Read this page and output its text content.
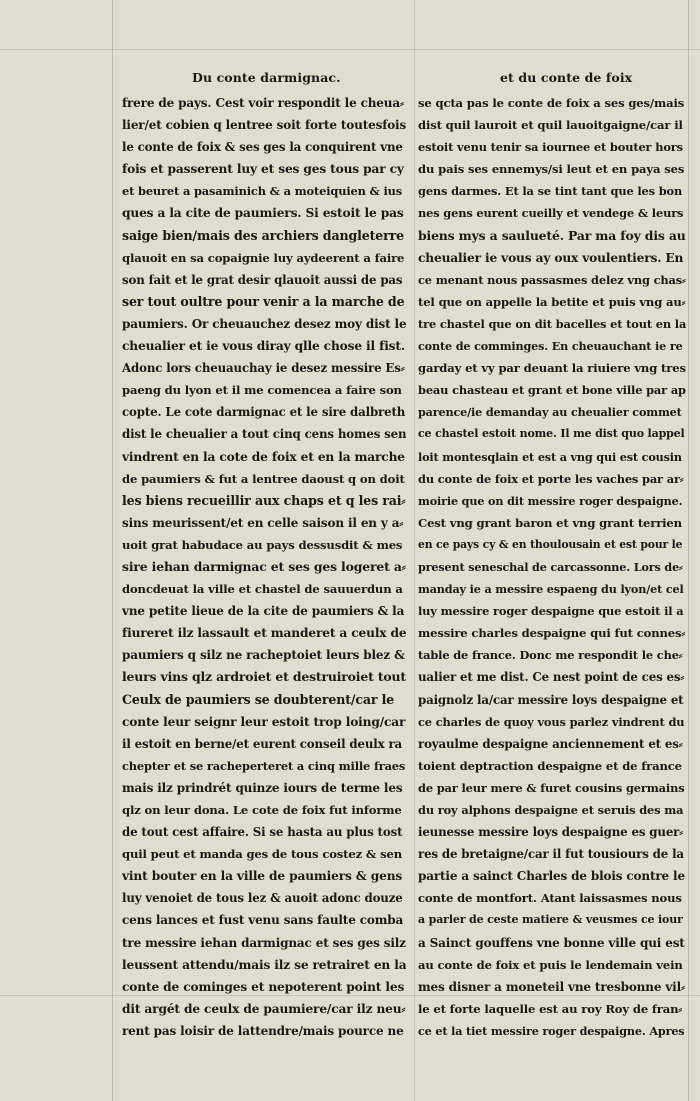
Du conte darmignac.	et du conte de foix
frere de pays. Cest voir respondit le cheua⸗
lier/et cobien q lentree soit forte toutesfois
le conte de foix & ses ges la conquirent vne
fois et passerent luy et ses ges tous par cy
et beuret a pasaminich & a moteiquien & ius
ques a la cite de paumiers. Si estoit le pas
saige bien/mais des archiers dangleterre
qlauoit en sa copaignie luy aydeerent a faire
son fait et le grat desir qlauoit aussi de pas
ser tout oultre pour venir a la marche de
paumiers. Or cheuauchez desez moy dist le
cheualier et ie vous diray qlle chose il fist.
Adonc lors cheuauchay ie desez messire Es⸗
paeng du lyon et il me comencea a faire son
copte. Le cote darmignac et le sire dalbreth
dist le cheualier a tout cinq cens homes sen
vindrent en la cote de foix et en la marche
de paumiers & fut a lentree daoust q on doit
les biens recueillir aux chaps et q les rai⸗
sins meurissent/et en celle saison il en y a⸗
uoit grat habudace au pays dessusdit & mes
sire iehan darmignac et ses ges logeret a⸗
doncdeuat la ville et chastel de sauuerdun a
vne petite lieue de la cite de paumiers & la
fiureret ilz lassault et manderet a ceulx de
paumiers q silz ne racheptoiet leurs blez &
leurs vins qlz ardroiet et destruiroiet tout
Ceulx de paumiers se doubterent/car le
conte leur seignr leur estoit trop loing/car
il estoit en berne/et eurent conseil deulx ra
chepter et se racheperteret a cinq mille fraes
mais ilz prindrét quinze iours de terme les
qlz on leur dona. Le cote de foix fut informe
de tout cest affaire. Si se hasta au plus tost
quil peut et manda ges de tous costez & sen
vint bouter en la ville de paumiers & gens
luy venoiet de tous lez & auoit adonc douze
cens lances et fust venu sans faulte comba
tre messire iehan darmignac et ses ges silz
leussent attendu/mais ilz se retrairet en la
conte de cominges et nepoterent point les
dit argét de ceulx de paumiere/car ilz neu⸗
rent pas loisir de lattendre/mais pource ne
se qcta pas le conte de foix a ses ges/mais
dist quil lauroit et quil lauoitgaigne/car il
estoit venu tenir sa iournee et bouter hors
du pais ses ennemys/si leut et en paya ses
gens darmes. Et la se tint tant que les bon
nes gens eurent cueilly et vendege & leurs
biens mys a saulueté. Par ma foy dis au
cheualier ie vous ay oux voulentiers. En
ce menant nous passasmes delez vng chas⸗
tel que on appelle la betite et puis vng au⸗
tre chastel que on dit bacelles et tout en la
conte de comminges. En cheuauchant ie re
garday et vy par deuant la riuiere vng tres
beau chasteau et grant et bone ville par ap
parence/ie demanday au cheualier commet
ce chastel estoit nome. Il me dist quo lappel
loit montesqlain et est a vng qui est cousin
du conte de foix et porte les vaches par ar⸗
moirie que on dit messire roger despaigne.
Cest vng grant baron et vng grant terrien
en ce pays cy & en thoulousain et est pour le
present seneschal de carcassonne. Lors de⸗
manday ie a messire espaeng du lyon/et cel
luy messire roger despaigne que estoit il a
messire charles despaigne qui fut connes⸗
table de france. Donc me respondit le che⸗
ualier et me dist. Ce nest point de ces es⸗
paignolz la/car messire loys despaigne et
ce charles de quoy vous parlez vindrent du
royaulme despaigne anciennement et es⸗
toient deptraction despaigne et de france
de par leur mere & furet cousins germains
du roy alphons despaigne et seruis des ma
ieunesse messire loys despaigne es guer⸗
res de bretaigne/car il fut tousiours de la
partie a sainct Charles de blois contre le
conte de montfort. Atant laissasmes nous
a parler de ceste matiere & veusmes ce iour
a Sainct gouffens vne bonne ville qui est
au conte de foix et puis le lendemain vein
mes disner a moneteil vne tresbonne vil⸗
le et forte laquelle est au roy Roy de fran⸗
ce et la tiet messire roger despaigne. Apres
